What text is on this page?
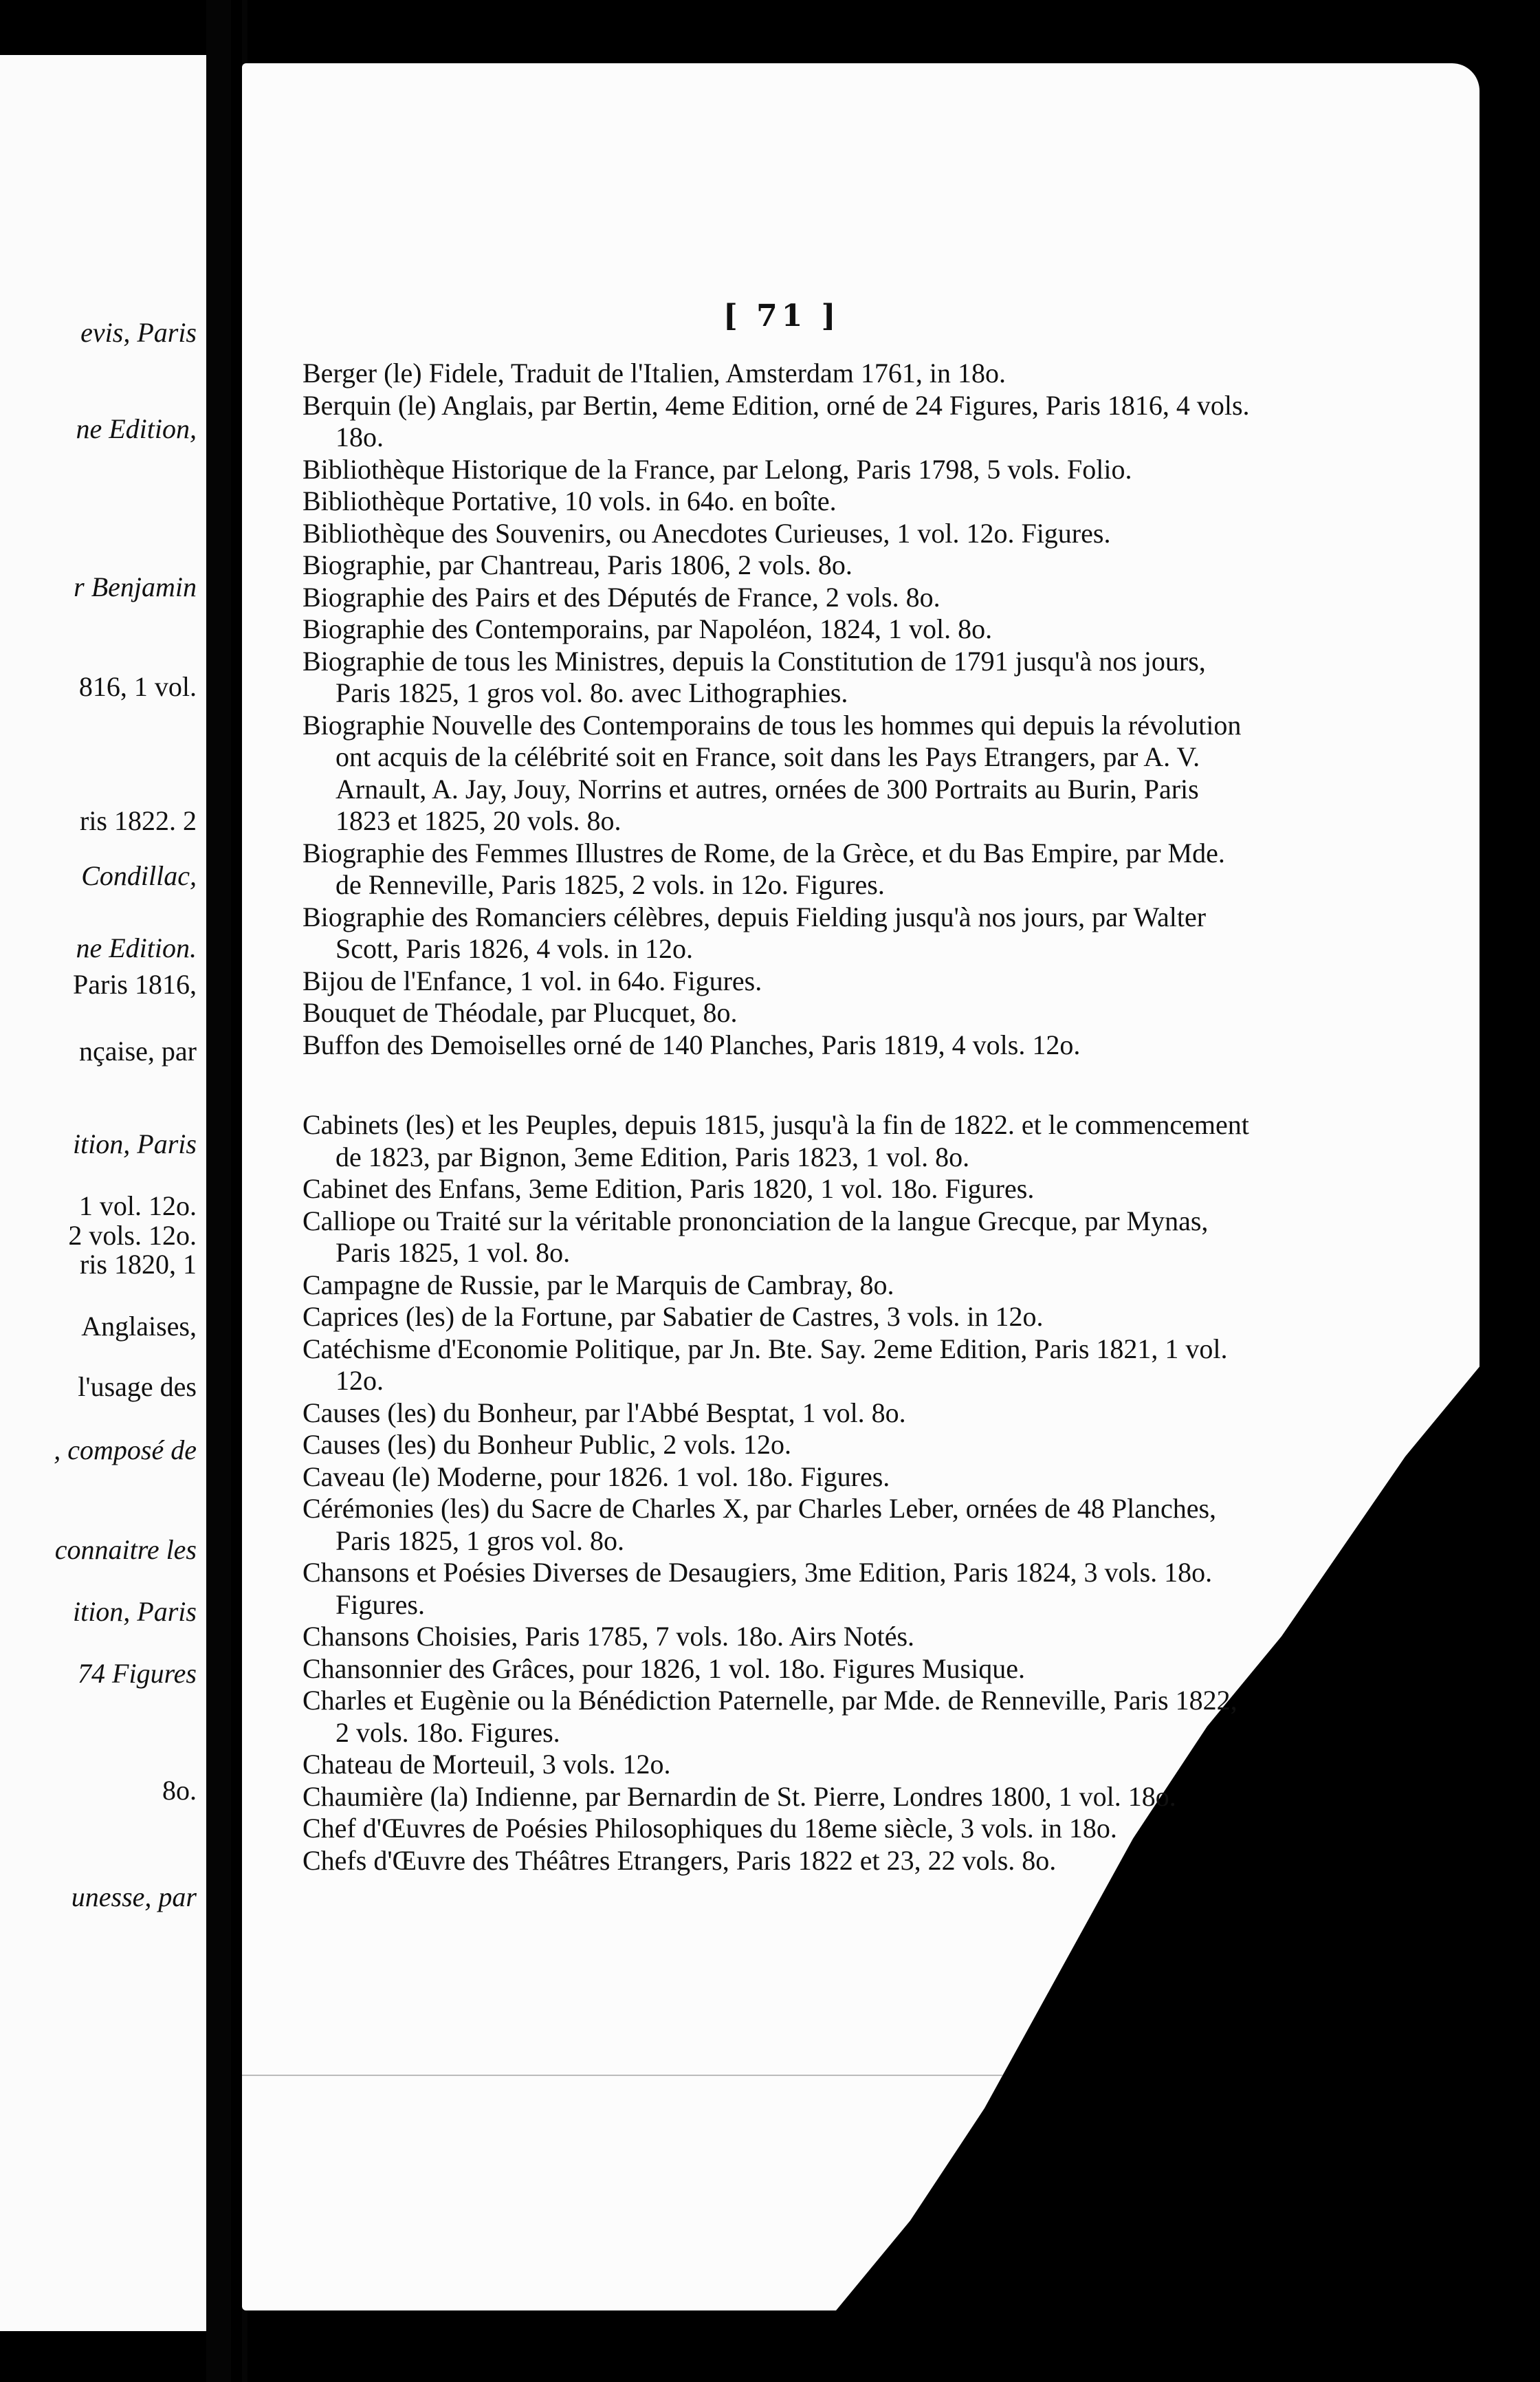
evis, Paris
ne Edition,
r Benjamin
816, 1 vol.
ris 1822. 2
Condillac,
ne Edition.
Paris 1816,
nçaise, par
ition, Paris
1 vol. 12o.
2 vols. 12o.
ris 1820, 1
Anglaises,
l'usage des
, composé de
connaitre les
ition, Paris
74 Figures
8o.
unesse, par
[ 71 ]
Berger (le) Fidele, Traduit de l'Italien, Amsterdam 1761, in 18o.
Berquin (le) Anglais, par Bertin, 4eme Edition, orné de 24 Figures, Paris 1816, 4 vols. 18o.
Bibliothèque Historique de la France, par Lelong, Paris 1798, 5 vols. Folio.
Bibliothèque Portative, 10 vols. in 64o. en boîte.
Bibliothèque des Souvenirs, ou Anecdotes Curieuses, 1 vol. 12o. Figures.
Biographie, par Chantreau, Paris 1806, 2 vols. 8o.
Biographie des Pairs et des Députés de France, 2 vols. 8o.
Biographie des Contemporains, par Napoléon, 1824, 1 vol. 8o.
Biographie de tous les Ministres, depuis la Constitution de 1791 jusqu'à nos jours, Paris 1825, 1 gros vol. 8o. avec Lithographies.
Biographie Nouvelle des Contemporains de tous les hommes qui depuis la révolution ont acquis de la célébrité soit en France, soit dans les Pays Etrangers, par A. V. Arnault, A. Jay, Jouy, Norrins et autres, ornées de 300 Portraits au Burin, Paris 1823 et 1825, 20 vols. 8o.
Biographie des Femmes Illustres de Rome, de la Grèce, et du Bas Empire, par Mde. de Renneville, Paris 1825, 2 vols. in 12o. Figures.
Biographie des Romanciers célèbres, depuis Fielding jusqu'à nos jours, par Walter Scott, Paris 1826, 4 vols. in 12o.
Bijou de l'Enfance, 1 vol. in 64o. Figures.
Bouquet de Théodale, par Plucquet, 8o.
Buffon des Demoiselles orné de 140 Planches, Paris 1819, 4 vols. 12o.
Cabinets (les) et les Peuples, depuis 1815, jusqu'à la fin de 1822. et le commencement de 1823, par Bignon, 3eme Edition, Paris 1823, 1 vol. 8o.
Cabinet des Enfans, 3eme Edition, Paris 1820, 1 vol. 18o. Figures.
Calliope ou Traité sur la véritable prononciation de la langue Grecque, par Mynas, Paris 1825, 1 vol. 8o.
Campagne de Russie, par le Marquis de Cambray, 8o.
Caprices (les) de la Fortune, par Sabatier de Castres, 3 vols. in 12o.
Catéchisme d'Economie Politique, par Jn. Bte. Say. 2eme Edition, Paris 1821, 1 vol. 12o.
Causes (les) du Bonheur, par l'Abbé Besptat, 1 vol. 8o.
Causes (les) du Bonheur Public, 2 vols. 12o.
Caveau (le) Moderne, pour 1826. 1 vol. 18o. Figures.
Cérémonies (les) du Sacre de Charles X, par Charles Leber, ornées de 48 Planches, Paris 1825, 1 gros vol. 8o.
Chansons et Poésies Diverses de Desaugiers, 3me Edition, Paris 1824, 3 vols. 18o. Figures.
Chansons Choisies, Paris 1785, 7 vols. 18o. Airs Notés.
Chansonnier des Grâces, pour 1826, 1 vol. 18o. Figures Musique.
Charles et Eugènie ou la Bénédiction Paternelle, par Mde. de Renneville, Paris 1822, 2 vols. 18o. Figures.
Chateau de Morteuil, 3 vols. 12o.
Chaumière (la) Indienne, par Bernardin de St. Pierre, Londres 1800, 1 vol. 18o.
Chef d'Œuvres de Poésies Philosophiques du 18eme siècle, 3 vols. in 18o.
Chefs d'Œuvre des Théâtres Etrangers, Paris 1822 et 23, 22 vols. 8o.
